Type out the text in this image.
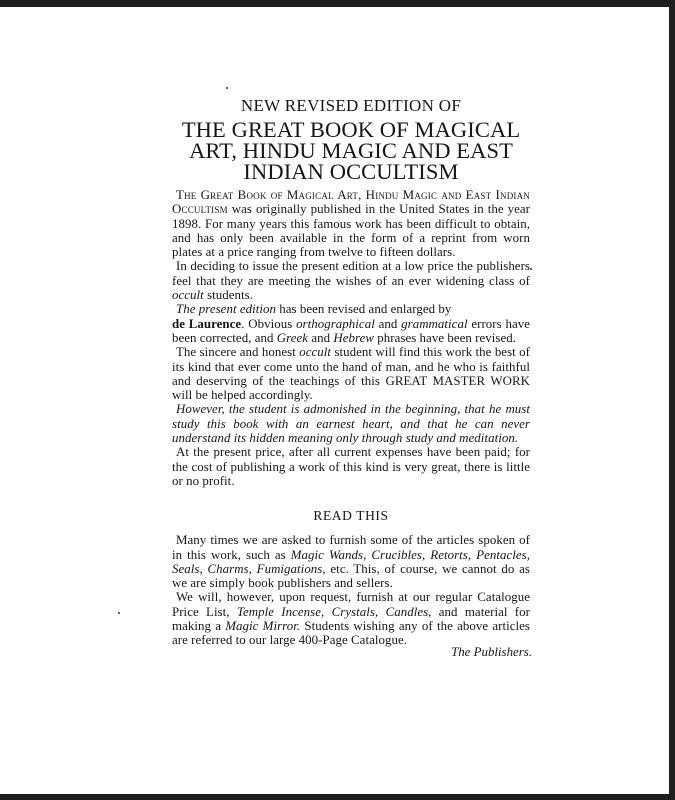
NEW REVISED EDITION OF
THE GREAT BOOK OF MAGICAL
ART, HINDU MAGIC AND EAST
INDIAN OCCULTISM

The Great Book of Magical Art, Hindu Magic and East Indian Occultism was originally published in the United States in the year 1898. For many years this famous work has been difficult to obtain, and has only been available in the form of a reprint from worn plates at a price ranging from twelve to fifteen dollars.

In deciding to issue the present edition at a low price the publishers feel that they are meeting the wishes of an ever widening class of occult students.

The present edition has been revised and enlarged by
de Laurence. Obvious orthographical and grammatical errors have been corrected, and Greek and Hebrew phrases have been revised.

The sincere and honest occult student will find this work the best of its kind that ever come unto the hand of man, and he who is faithful and deserving of the teachings of this GREAT MASTER WORK will be helped accordingly.

However, the student is admonished in the beginning, that he must study this book with an earnest heart, and that he can never understand its hidden meaning only through study and meditation.

At the present price, after all current expenses have been paid; for the cost of publishing a work of this kind is very great, there is little or no profit.

READ THIS

Many times we are asked to furnish some of the articles spoken of in this work, such as Magic Wands, Crucibles, Retorts, Pentacles, Seals, Charms, Fumigations, etc. This, of course, we cannot do as we are simply book publishers and sellers.

We will, however, upon request, furnish at our regular Catalogue Price List, Temple Incense, Crystals, Candles, and material for making a Magic Mirror. Students wishing any of the above articles are referred to our large 400-Page Catalogue.

The Publishers.
